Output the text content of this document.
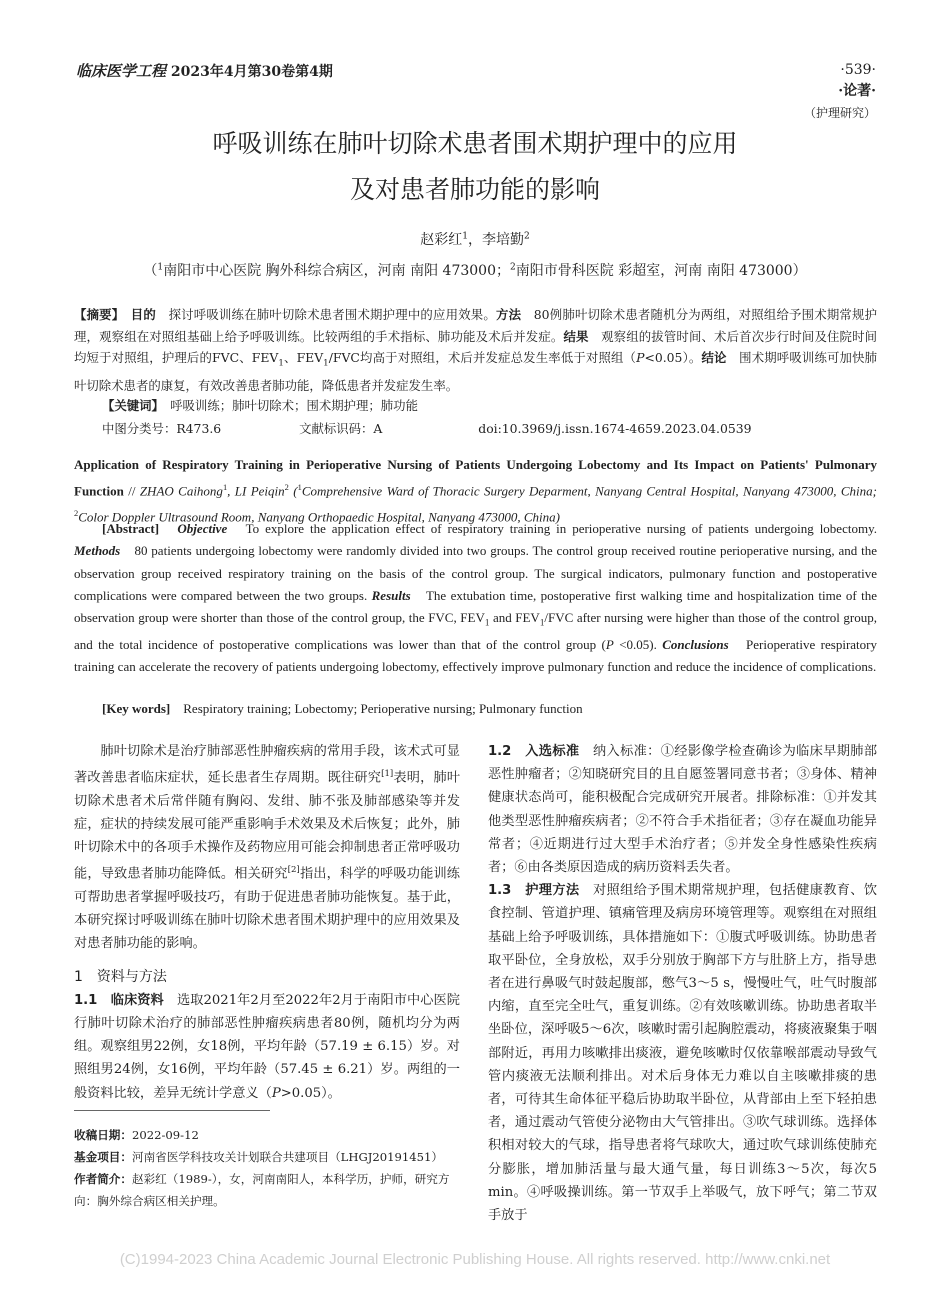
临床医学工程 2023年4月第30卷第4期	·539·
·论著·
（护理研究）
呼吸训练在肺叶切除术患者围术期护理中的应用
及对患者肺功能的影响
赵彩红$^1$，李培勤$^2$
（$^1$南阳市中心医院 胸外科综合病区，河南 南阳 473000；$^2$南阳市骨科医院 彩超室，河南 南阳 473000）
【摘要】　 目的　 探讨呼吸训练在肺叶切除术患者围术期护理中的应用效果。方法　 80例肺叶切除术患者随机分为两组，对照组给予围术期常规护理，观察组在对照组基础上给予呼吸训练。比较两组的手术指标、肺功能及术后并发症。结果　 观察组的拔管时间、术后首次步行时间及住院时间均短于对照组，护理后的FVC、$FEV_1$、$FEV_1$/FVC均高于对照组，术后并发症总发生率低于对照组（P<0.05）。结论　 围术期呼吸训练可加快肺叶切除术患者的康复，有效改善患者肺功能，降低患者并发症发生率。
【关键词】　 呼吸训练；肺叶切除术；围术期护理；肺功能
中图分类号：R473.6	文献标识码：A	doi:10.3969/j.issn.1674-4659.2023.04.0539
Application of Respiratory Training in Perioperative Nursing of Patients Undergoing Lobectomy and Its Impact on Patients' Pulmonary Function // ZHAO Caihong$^1$, LI Peiqin$^2$ ($^1$Comprehensive Ward of Thoracic Surgery Deparment, Nanyang Central Hospital, Nanyang 473000, China; $^2$Color Doppler Ultrasound Room, Nanyang Orthopaedic Hospital, Nanyang 473000, China)
[Abstract]　 Objective　 To explore the application effect of respiratory training in perioperative nursing of patients undergoing lobectomy. Methods　 80 patients undergoing lobectomy were randomly divided into two groups. The control group received routine perioperative nursing, and the observation group received respiratory training on the basis of the control group. The surgical indicators, pulmonary function and postoperative complications were compared between the two groups. Results　 The extubation time, postoperative first walking time and hospitalization time of the observation group were shorter than those of the control group, the FVC, $FEV_1$ and $FEV_1$/FVC after nursing were higher than those of the control group, and the total incidence of postoperative complications was lower than that of the control group (P <0.05). Conclusions　 Perioperative respiratory training can accelerate the recovery of patients undergoing lobectomy, effectively improve pulmonary function and reduce the incidence of complications.
[Key words]　 Respiratory training; Lobectomy; Perioperative nursing; Pulmonary function

肺叶切除术是治疗肺部恶性肿瘤疾病的常用手段，该术式可显著改善患者临床症状，延长患者生存周期。既往研究[1]表明，肺叶切除术患者术后常伴随有胸闷、发绀、肺不张及肺部感染等并发症，症状的持续发展可能严重影响手术效果及术后恢复；此外，肺叶切除术中的各项手术操作及药物应用可能会抑制患者正常呼吸功能，导致患者肺功能降低。相关研究[2]指出，科学的呼吸功能训练可帮助患者掌握呼吸技巧，有助于促进患者肺功能恢复。基于此，本研究探讨呼吸训练在肺叶切除术患者围术期护理中的应用效果及对患者肺功能的影响。

1　资料与方法

1.1　临床资料　 选取2021年2月至2022年2月于南阳市中心医院行肺叶切除术治疗的肺部恶性肿瘤疾病患者80例，随机均分为两组。观察组男22例，女18例，平均年龄（57.19 ± 6.15）岁。对照组男24例，女16例，平均年龄（57.45 ± 6.21）岁。两组的一般资料比较，差异无统计学意义（P>0.05）。

收稿日期：2022-09-12
基金项目：河南省医学科技攻关计划联合共建项目（LHGJ20191451）
作者简介：赵彩红（1989-），女，河南南阳人，本科学历，护师，研究方向：胸外综合病区相关护理。

1.2　入选标准　 纳入标准：①经影像学检查确诊为临床早期肺部恶性肿瘤者；②知晓研究目的且自愿签署同意书者；③身体、精神健康状态尚可，能积极配合完成研究开展者。排除标准：①并发其他类型恶性肿瘤疾病者；②不符合手术指征者；③存在凝血功能异常者；④近期进行过大型手术治疗者；⑤并发全身性感染性疾病者；⑥由各类原因造成的病历资料丢失者。

1.3　护理方法　 对照组给予围术期常规护理，包括健康教育、饮食控制、管道护理、镇痛管理及病房环境管理等。观察组在对照组基础上给予呼吸训练，具体措施如下：①腹式呼吸训练。协助患者取平卧位，全身放松，双手分别放于胸部下方与肚脐上方，指导患者在进行鼻吸气时鼓起腹部，憋气3～5 s，慢慢吐气，吐气时腹部内缩，直至完全吐气，重复训练。②有效咳嗽训练。协助患者取半坐卧位，深呼吸5～6次，咳嗽时需引起胸腔震动，将痰液聚集于咽部附近，再用力咳嗽排出痰液，避免咳嗽时仅依靠喉部震动导致气管内痰液无法顺利排出。对术后身体无力难以自主咳嗽排痰的患者，可待其生命体征平稳后协助取半卧位，从背部由上至下轻拍患者，通过震动气管使分泌物由大气管排出。③吹气球训练。选择体积相对较大的气球，指导患者将气球吹大，通过吹气球训练使肺充分膨胀，增加肺活量与最大通气量，每日训练3～5次，每次5 min。④呼吸操训练。第一节双手上举吸气，放下呼气；第二节双手放于

(C)1994-2023 China Academic Journal Electronic Publishing House. All rights reserved. http://www.cnki.net
